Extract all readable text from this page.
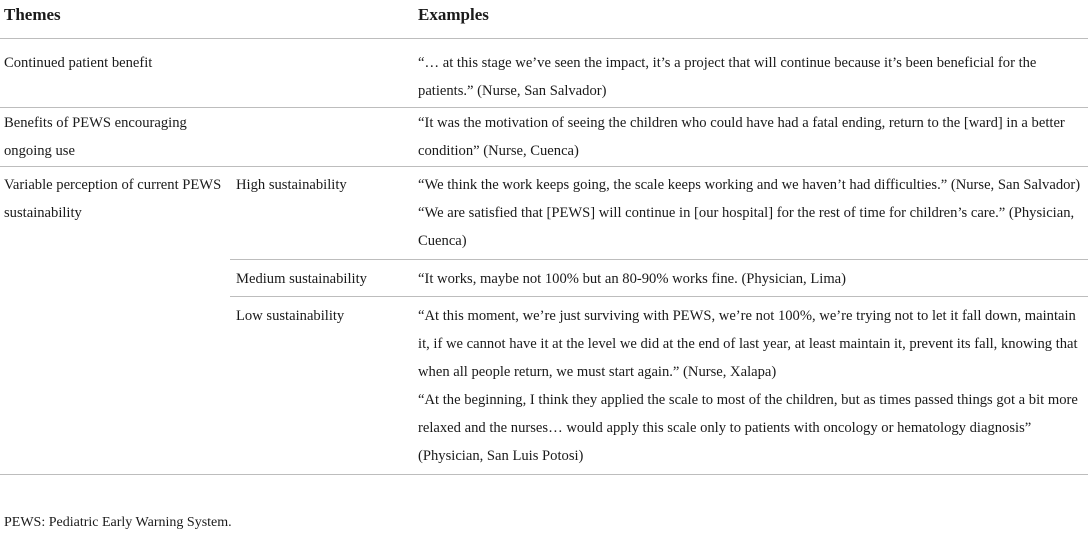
Themes		Examples
Continued patient benefit		“… at this stage we’ve seen the impact, it’s a project that will continue because it’s been beneficial for the patients.” (Nurse, San Salvador)

Benefits of PEWS encouraging ongoing use		“It was the motivation of seeing the children who could have had a fatal ending, return to the [ward] in a better condition” (Nurse, Cuenca)

Variable perception of current PEWS sustainability	High sustainability	“We think the work keeps going, the scale keeps working and we haven’t had difficulties.” (Nurse, San Salvador)
“We are satisfied that [PEWS] will continue in [our hospital] for the rest of time for children’s care.” (Physician, Cuenca)

	Medium sustainability	“It works, maybe not 100% but an 80-90% works fine. (Physician, Lima)

	Low sustainability	“At this moment, we’re just surviving with PEWS, we’re not 100%, we’re trying not to let it fall down, maintain it, if we cannot have it at the level we did at the end of last year, at least maintain it, prevent its fall, knowing that when all people return, we must start again.” (Nurse, Xalapa)
“At the beginning, I think they applied the scale to most of the children, but as times passed things got a bit more relaxed and the nurses… would apply this scale only to patients with oncology or hematology diagnosis” (Physician, San Luis Potosi)
PEWS: Pediatric Early Warning System.
